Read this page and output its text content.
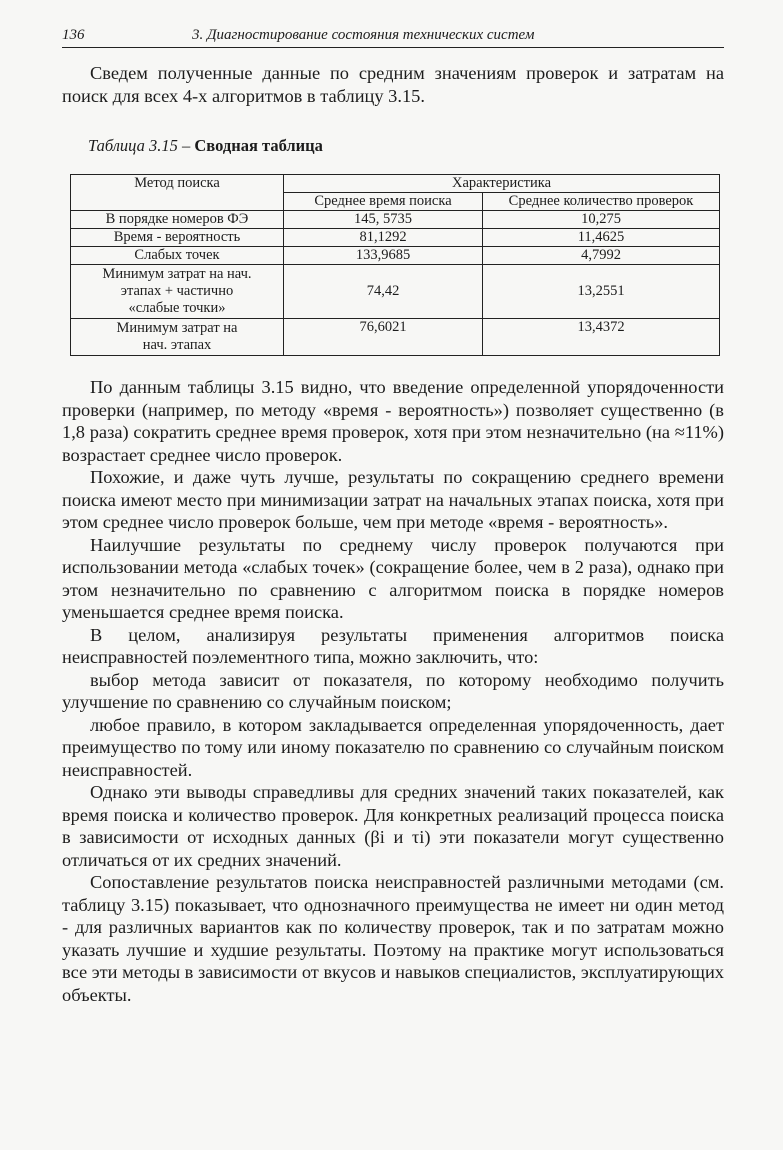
136	3. Диагностирование состояния технических систем

Сведем полученные данные по средним значениям проверок и затратам на поиск для всех 4-х алгоритмов в таблицу 3.15.

Таблица 3.15 – Сводная таблица
Метод поиска	Характеристика	
	Среднее время поиска	Среднее количество проверок
В порядке номеров ФЭ	145, 5735	10,275
Время - вероятность	81,1292	11,4625
Слабых точек	133,9685	4,7992
Минимум затрат на нач. этапах + частично «слабые точки»	74,42	13,2551
Минимум затрат на нач. этапах	76,6021	13,4372

По данным таблицы 3.15 видно, что введение определенной упорядоченности проверки (например, по методу «время - вероятность») позволяет существенно (в 1,8 раза) сократить среднее время проверок, хотя при этом незначительно (на ≈11%) возрастает среднее число проверок.

Похожие, и даже чуть лучше, результаты по сокращению среднего времени поиска имеют место при минимизации затрат на начальных этапах поиска, хотя при этом среднее число проверок больше, чем при методе «время - вероятность».

Наилучшие результаты по среднему числу проверок получаются при использовании метода «слабых точек» (сокращение более, чем в 2 раза), однако при этом незначительно по сравнению с алгоритмом поиска в порядке номеров уменьшается среднее время поиска.

В целом, анализируя результаты применения алгоритмов поиска неисправностей поэлементного типа, можно заключить, что:

выбор метода зависит от показателя, по которому необходимо получить улучшение по сравнению со случайным поиском;

любое правило, в котором закладывается определенная упорядоченность, дает преимущество по тому или иному показателю по сравнению со случайным поиском неисправностей.

Однако эти выводы справедливы для средних значений таких показателей, как время поиска и количество проверок. Для конкретных реализаций процесса поиска в зависимости от исходных данных (βi и τi) эти показатели могут существенно отличаться от их средних значений.

Сопоставление результатов поиска неисправностей различными методами (см. таблицу 3.15) показывает, что однозначного преимущества не имеет ни один метод - для различных вариантов как по количеству проверок, так и по затратам можно указать лучшие и худшие результаты. Поэтому на практике могут использоваться все эти методы в зависимости от вкусов и навыков специалистов, эксплуатирующих объекты.
